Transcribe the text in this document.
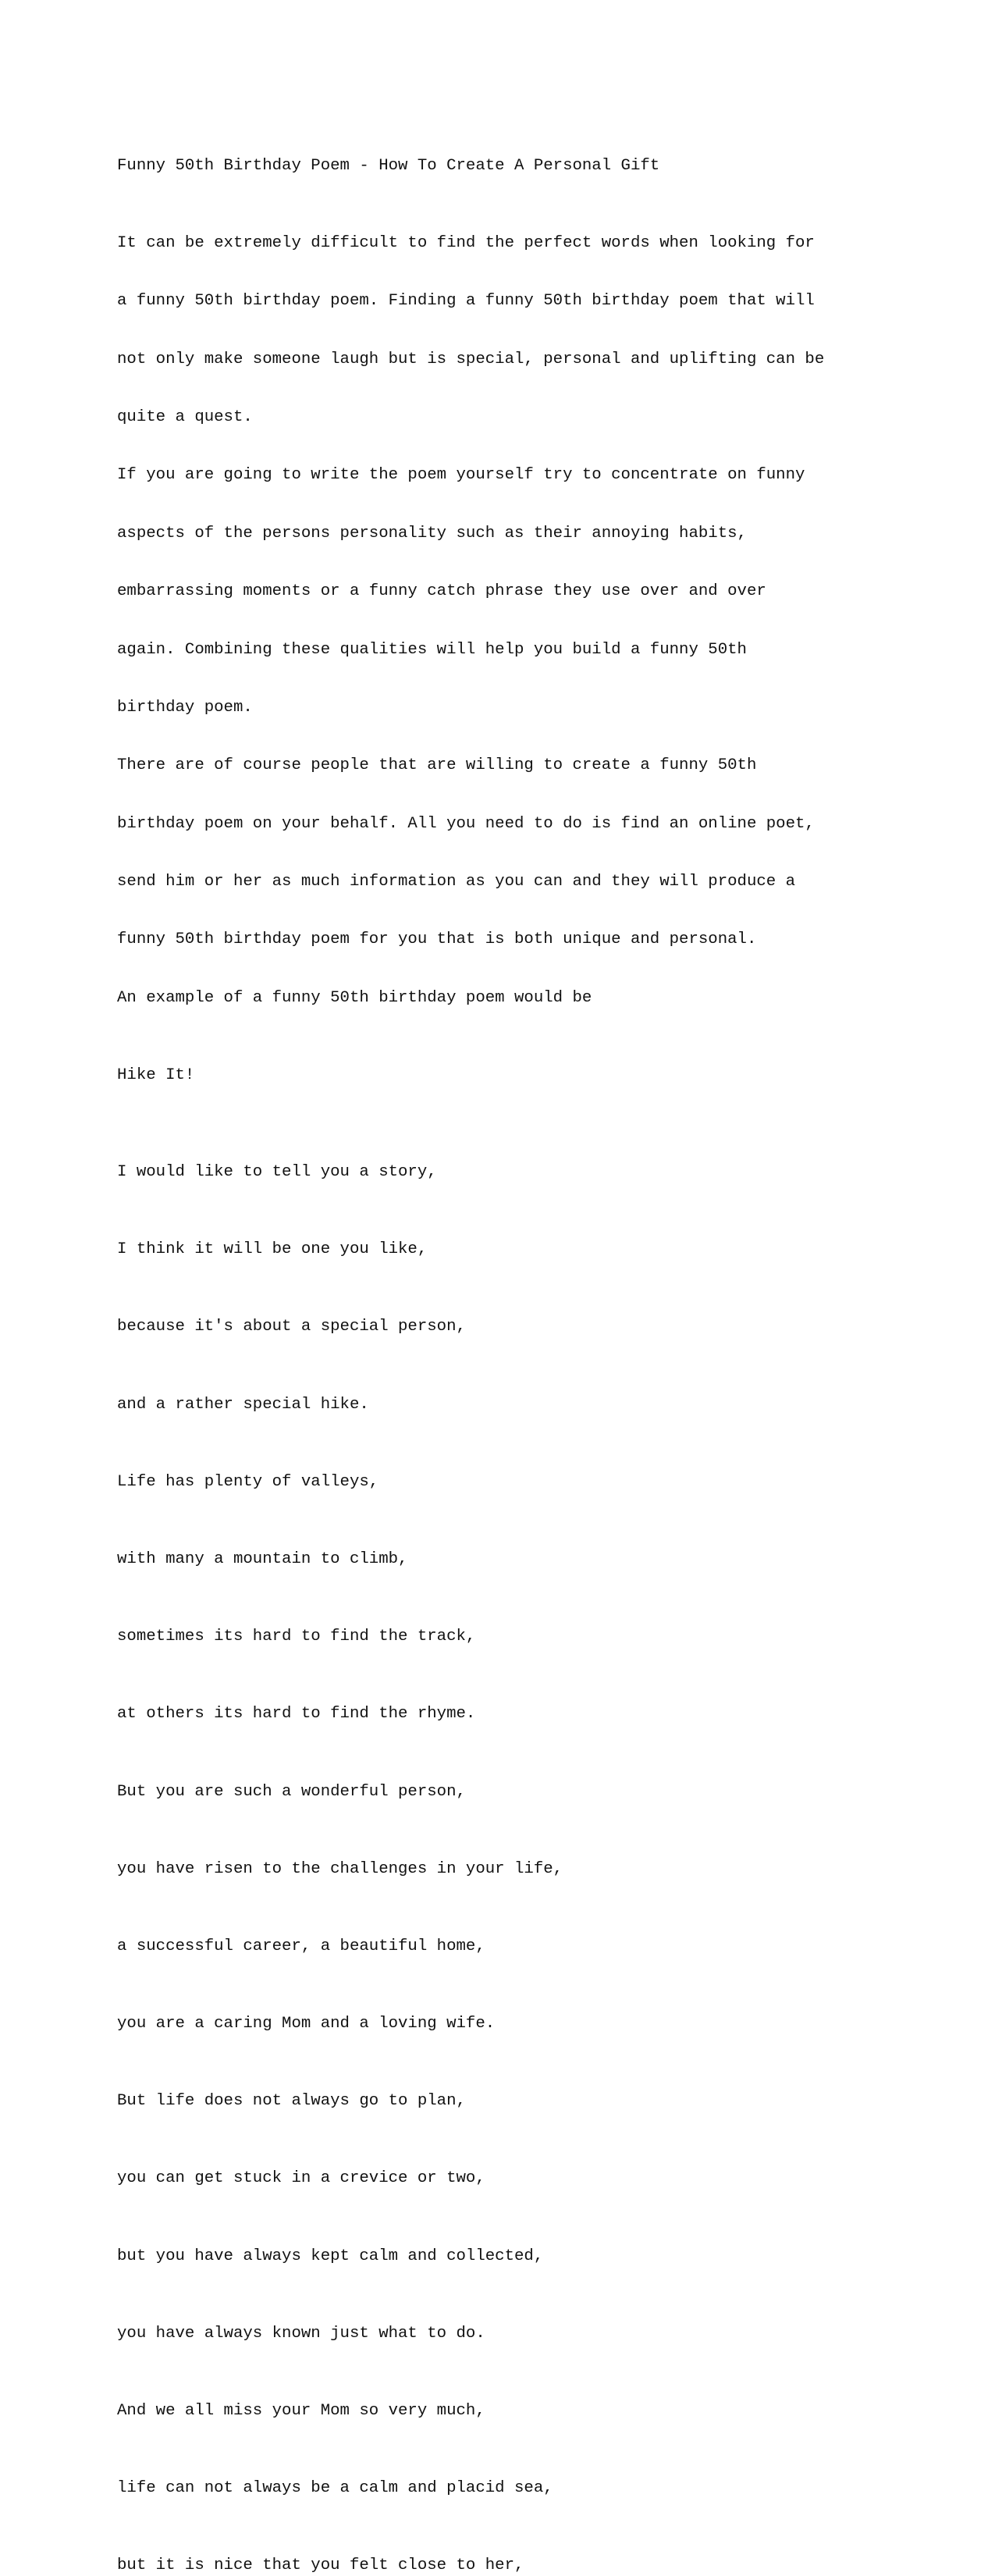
Funny 50th Birthday Poem - How To Create A Personal Gift

It can be extremely difficult to find the perfect words when looking for

a funny 50th birthday poem. Finding a funny 50th birthday poem that will

not only make someone laugh but is special, personal and uplifting can be

quite a quest.

If you are going to write the poem yourself try to concentrate on funny

aspects of the persons personality such as their annoying habits,

embarrassing moments or a funny catch phrase they use over and over

again. Combining these qualities will help you build a funny 50th

birthday poem.

There are of course people that are willing to create a funny 50th

birthday poem on your behalf. All you need to do is find an online poet,

send him or her as much information as you can and they will produce a

funny 50th birthday poem for you that is both unique and personal.

An example of a funny 50th birthday poem would be

Hike It!

I would like to tell you a story,

I think it will be one you like,

because it's about a special person,

and a rather special hike.

Life has plenty of valleys,

with many a mountain to climb,

sometimes its hard to find the track,

at others its hard to find the rhyme.

But you are such a wonderful person,

you have risen to the challenges in your life,

a successful career, a beautiful home,

you are a caring Mom and a loving wife.

But life does not always go to plan,

you can get stuck in a crevice or two,

but you have always kept calm and collected,

you have always known just what to do.

And we all miss your Mom so very much,

life can not always be a calm and placid sea,

but it is nice that you felt close to her,
